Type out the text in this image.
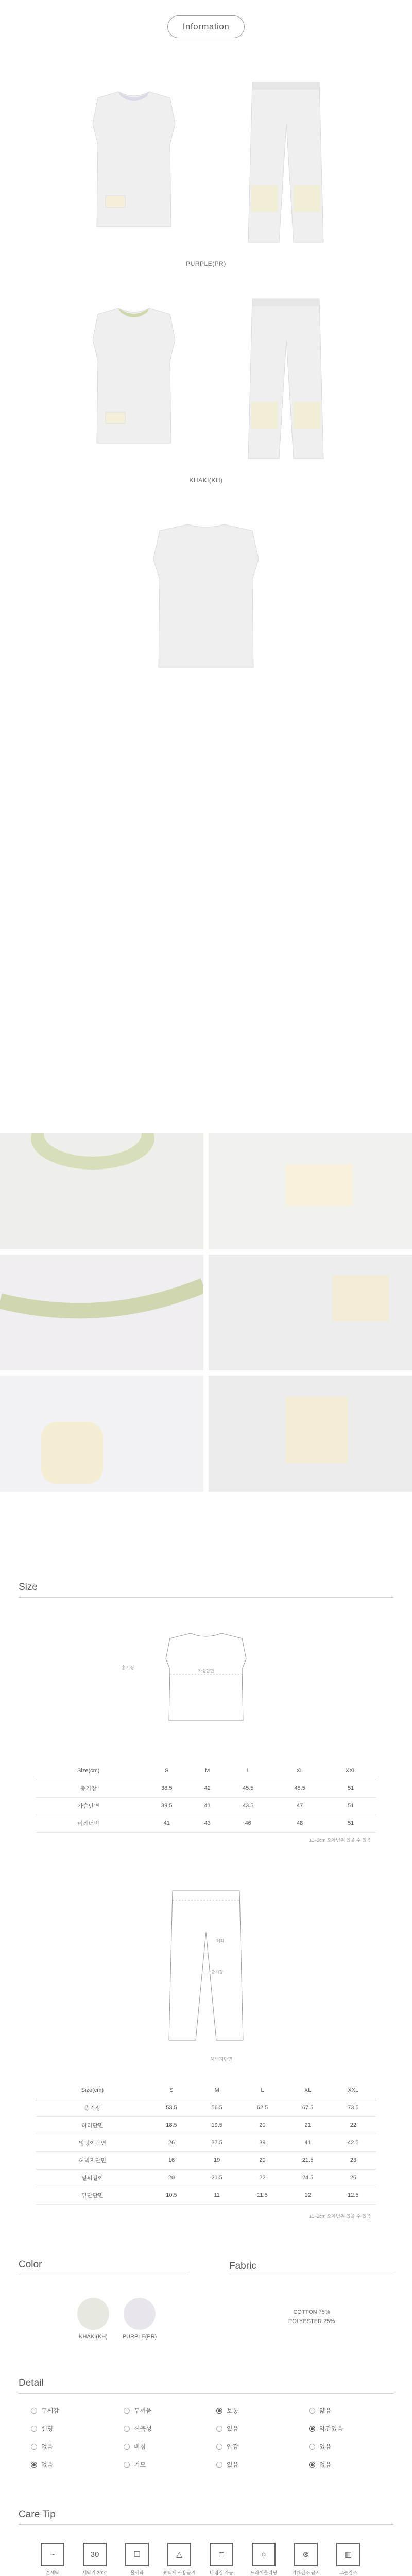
Information
PURPLE(PR)
KHAKI(KH)
Size
가슴단면
총기장
Size(cm)	S	M	L	XL	XXL
총기장	38.5	42	45.5	48.5	51
가슴단면	39.5	41	43.5	47	51
어깨너비	41	43	46	48	51
±1~2cm 오차범위 있을 수 있음
허리
총기장
허벅지단면
Size(cm)	S	M	L	XL	XXL
총기장	53.5	56.5	62.5	67.5	73.5
허리단면	18.5	19.5	20	21	22
엉덩이단면	26	37.5	39	41	42.5
허벅지단면	16	19	20	21.5	23
밑위길이	20	21.5	22	24.5	26
밑단단면	10.5	11	11.5	12	12.5
±1~2cm 오차범위 있을 수 있음
Color	Fabric
KHAKI(KH)	PURPLE(PR)
COTTON 75%
POLYESTER 25%
Detail
두께감	두꺼움	보통	얇음
밴딩	신축성	있음	약간있음
없음	비침	안감	있음
없음	기모	있음	없음
Care Tip
~
손세탁
30
세탁기 30℃
☐
물세탁
△
표백제 사용금지
◻
다림질 가능
○
드라이클리닝
⊗
기계건조 금지
▥
그늘건조
